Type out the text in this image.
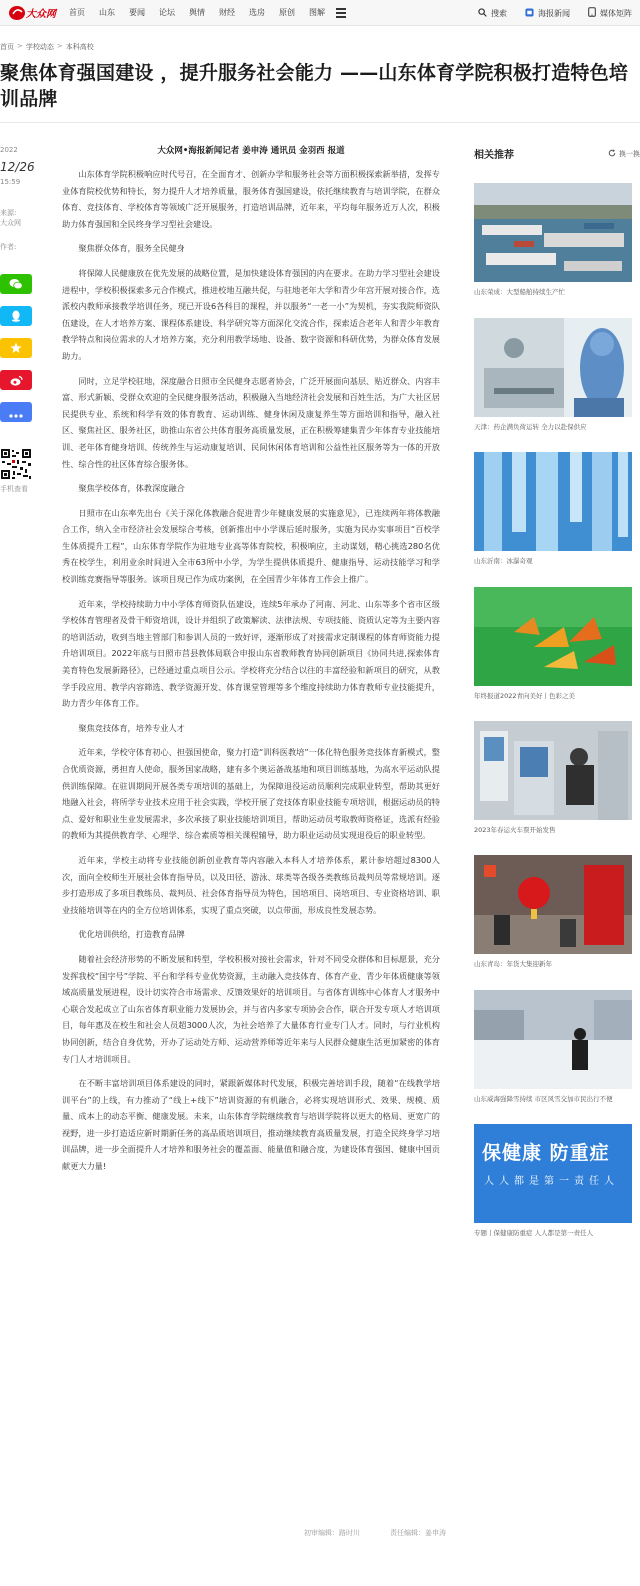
大众网	首页	山东	要闻	论坛	舆情	财经	选房	原创	图解	搜索	海报新闻	媒体矩阵
首页 > 学校动态 > 本科高校
聚焦体育强国建设 ，提升服务社会能力 ——山东体育学院积极打造特色培训品牌
2022
12/26
15:59
来源:
大众网
作者:
手机查看
大众网•海报新闻记者 姜申涛 通讯员 金羽西 报道

山东体育学院积极响应时代号召，在全面育才、创新办学和服务社会等方面积极探索新举措，发挥专业体育院校优势和特长，努力提升人才培养质量，服务体育强国建设，依托继续教育与培训学院，在群众体育、竞技体育、学校体育等领域广泛开展服务，打造培训品牌，近年来，平均每年服务近万人次，积极助力体育强国和全民终身学习型社会建设。

聚焦群众体育，服务全民健身

将保障人民健康放在优先发展的战略位置，是加快建设体育强国的内在要求。在助力学习型社会建设进程中，学校积极探索多元合作模式，推进校地互融共促，与驻地老年大学和青少年宫开展对接合作，选派校内教师承接教学培训任务，现已开设6各科目的课程，并以服务“一老一小”为契机，夯实我院师资队伍建设，在人才培养方案、课程体系建设、科学研究等方面深化交流合作，探索适合老年人和青少年教育教学特点和岗位需求的人才培养方案，充分利用教学场地、设备、数字资源和科研优势，为群众体育发展助力。

同时，立足学校驻地，深度融合日照市全民健身志愿者协会，广泛开展面向基层、贴近群众、内容丰富、形式新颖、受群众欢迎的全民健身服务活动，积极融入当地经济社会发展和百姓生活，为广大社区居民提供专业、系统和科学有效的体育教育、运动训练、健身休闲及康复养生等方面培训和指导，融入社区、聚焦社区、服务社区，助推山东省公共体育服务高质量发展，正在积极筹建集青少年体育专业技能培训、老年体育健身培训、传统养生与运动康复培训、民间休闲体育培训和公益性社区服务等为一体的开放性、综合性的社区体育综合服务体。

聚焦学校体育，体教深度融合

日照市在山东率先出台《关于深化体教融合促进青少年健康发展的实施意见》，已连续两年将体教融合工作，纳入全市经济社会发展综合考核，创新推出中小学课后延时服务，实施为民办实事项目“百校学生体质提升工程”，山东体育学院作为驻地专业高等体育院校，积极响应，主动谋划，精心挑选280名优秀在校学生，利用业余时间进入全市63所中小学，为学生提供体质提升、健康指导、运动技能学习和学校训练竞赛指导等服务。该项目现已作为成功案例，在全国青少年体育工作会上推广。

近年来，学校持续助力中小学体育师资队伍建设，连续5年承办了河南、河北、山东等多个省市区级学校体育管理者及骨干师资培训，设计并组织了政策解读、法律法规、专项技能、资质认定等为主要内容的培训活动，收到当地主管部门和参训人员的一致好评，逐渐形成了对接需求定制课程的体育师资能力提升培训项目。2022年底与日照市莒县教体局联合申报山东省教师教育协同创新项目《协同共进,探索体育美育特色发展新路径》，已经通过重点项目公示。学校将充分结合以往的丰富经验和新项目的研究，从教学手段应用、教学内容筛选、教学资源开发、体育课堂管理等多个维度持续助力体育教师专业技能提升，助力青少年体育工作。

聚焦竞技体育，培养专业人才

近年来，学校守体育初心、担强国使命，聚力打造“训科医教培”一体化特色服务竞技体育新模式，整合优质资源，勇担育人使命，服务国家战略，建有多个奥运备战基地和项目训练基地，为高水平运动队提供训练保障。在驻训期间开展各类专项培训的基础上，为保障退役运动员顺利完成职业转型，帮助其更好地融入社会，将所学专业技术应用于社会实践，学校开展了竞技体育职业技能专项培训，根据运动员的特点、爱好和职业生业发展需求，多次承接了职业技能培训项目，帮助运动员考取教师资格证，选派有经验的教师为其提供教育学、心理学、综合素质等相关课程辅导，助力职业运动员实现退役后的职业转型。

近年来，学校主动将专业技能创新创业教育等内容融入本科人才培养体系，累计参培超过8300人次，面向全校师生开展社会体育指导员，以及田径、游泳、球类等各级各类教练员裁判员等常规培训。逐步打造形成了多项目教练员、裁判员、社会体育指导员为特色，国培项目、岗培项目、专业资格培训、职业技能培训等在内的全方位培训体系，实现了重点突破，以点带面，形成良性发展态势。

优化培训供给，打造教育品牌

随着社会经济形势的不断发展和转型，学校积极对接社会需求，针对不同受众群体和目标愿景，充分发挥我校“国字号”学院、平台和学科专业优势资源，主动融入竞技体育、体育产业、青少年体质健康等领域高质量发展进程，设计切实符合市场需求、反馈效果好的培训项目。与省体育训练中心体育人才服务中心联合发起成立了山东省体育职业能力发展协会，并与省内多家专项协会合作，联合开发专项人才培训项目，每年惠及在校生和社会人员超3000人次，为社会培养了大量体育行业专门人才。同时，与行业机构协同创新，结合自身优势，开办了运动处方师、运动营养师等近年来与人民群众健康生活更加紧密的体育专门人才培训项目。

在不断丰富培训项目体系建设的同时，紧跟新媒体时代发展，积极完善培训手段，随着“在线教学培训平台”的上线，有力推动了“线上+线下”培训资源的有机融合，必将实现培训形式、效果、规模、质量、成本上的动态平衡、健康发展。未来，山东体育学院继续教育与培训学院将以更大的格局、更宽广的视野，进一步打造适应新时期新任务的高品质培训项目，推动继续教育高质量发展，打造全民终身学习培训品牌，进一步全面提升人才培养和服务社会的覆盖面、能量值和融合度，为建设体育强国、健康中国贡献更大力量!

初审编辑：路时川	责任编辑：姜申涛
相关推荐	换一换
山东荣成：大型船舶持续生产忙
天津：药企满负荷运转 全力以赴保供应
山东沂南：冰瀑奇观
年终报道2022青向美好丨色彩之美
2023年春运火车票开始发售
山东青岛：年货大集迎新年
山东威海强降雪持续 市区风雪交加市民出行不便
保健康 防重症
人人都是第一责任人
专题丨保健康防重症 人人都是第一责任人
